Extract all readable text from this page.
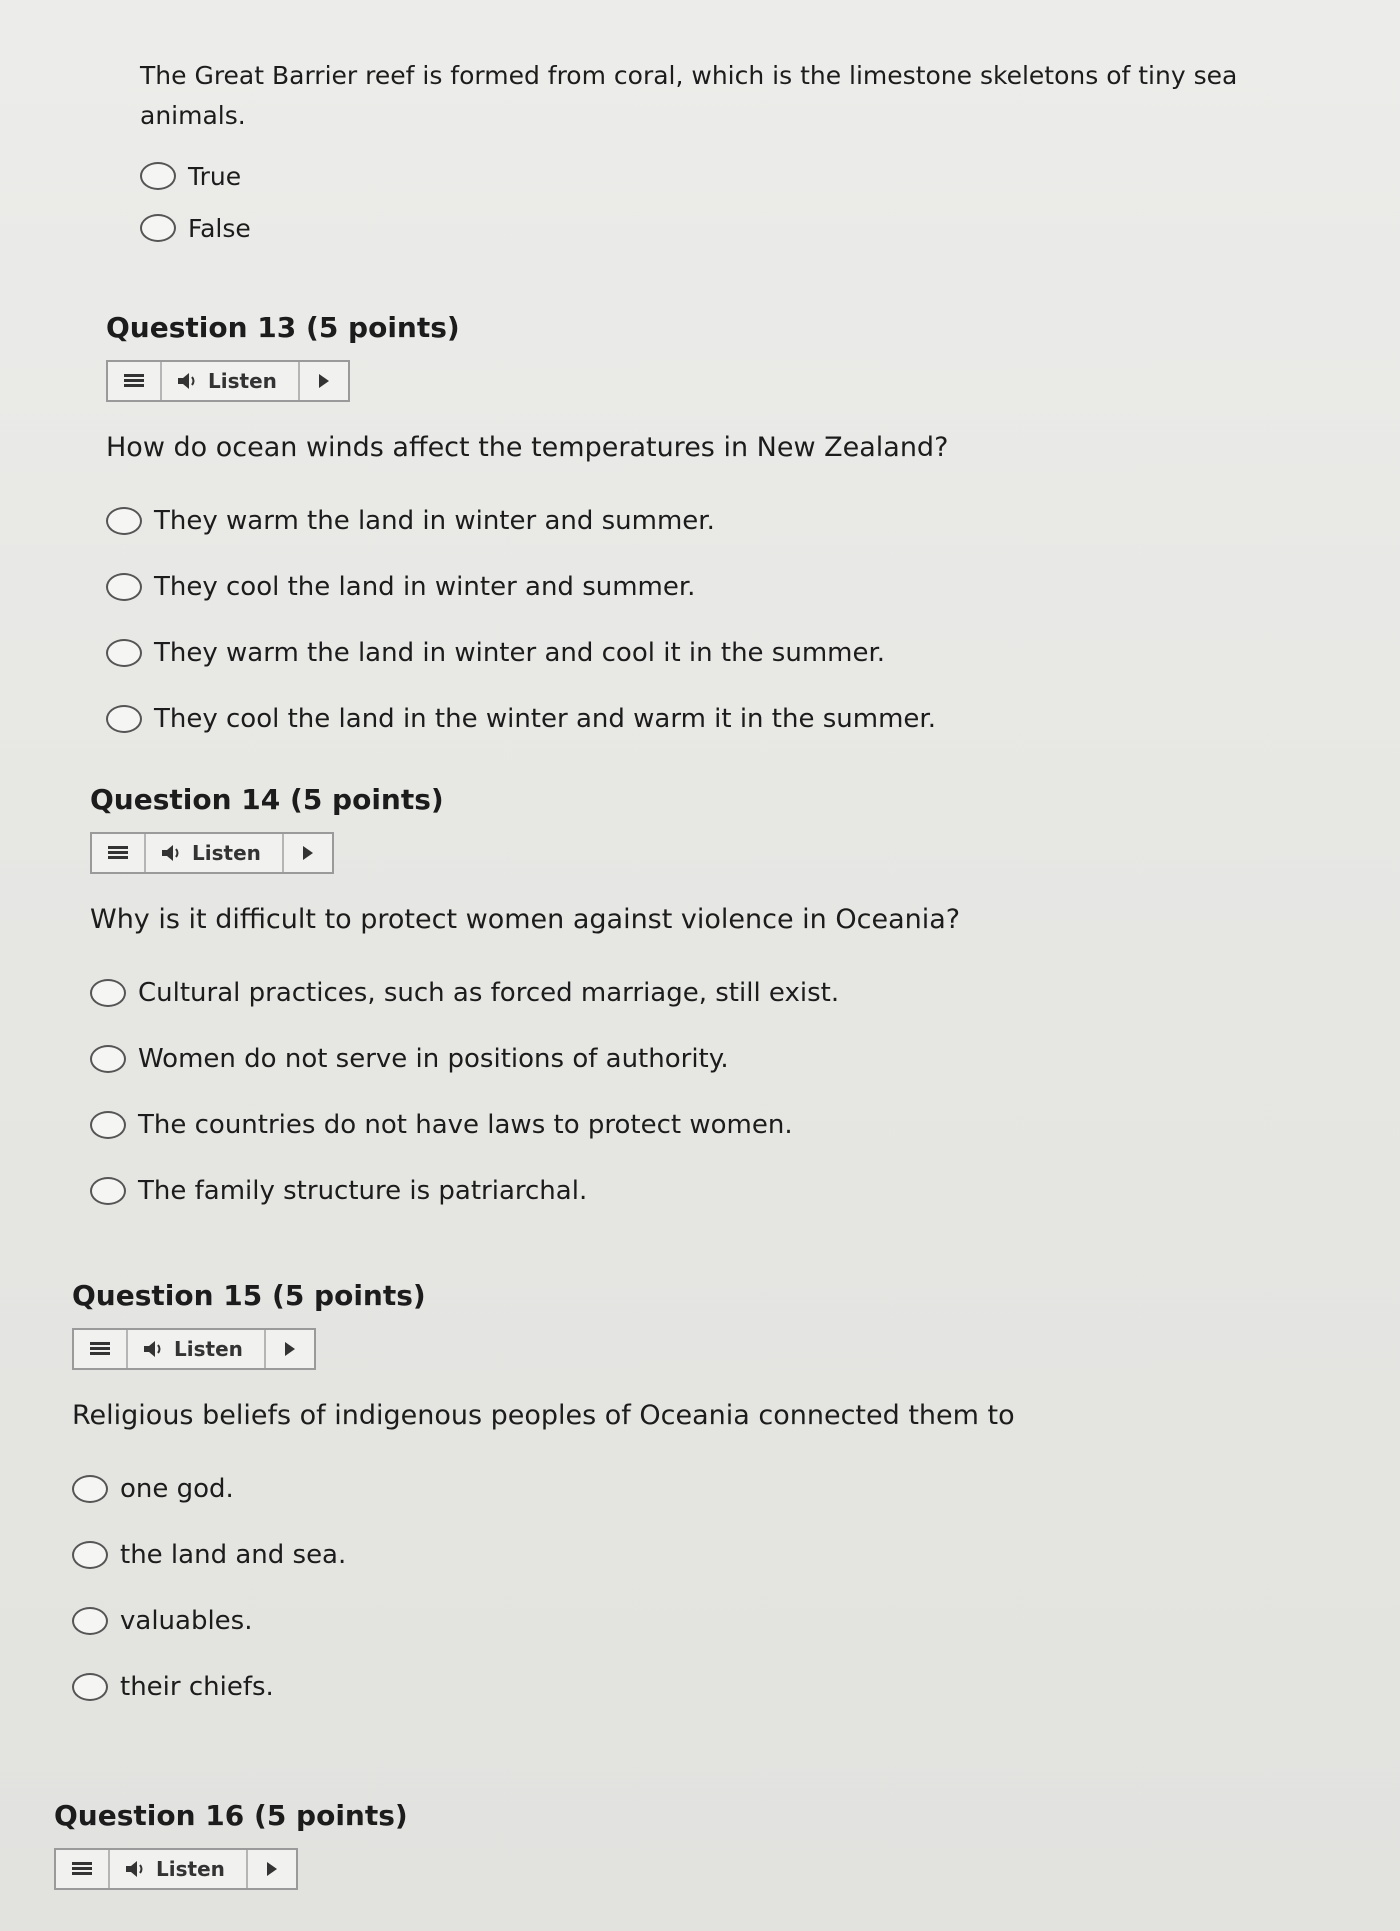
The Great Barrier reef is formed from coral, which is the limestone skeletons of tiny sea animals.

True
False

Question 13 (5 points)

Listen

How do ocean winds affect the temperatures in New Zealand?

They warm the land in winter and summer.
They cool the land in winter and summer.
They warm the land in winter and cool it in the summer.
They cool the land in the winter and warm it in the summer.

Question 14 (5 points)

Listen

Why is it difficult to protect women against violence in Oceania?

Cultural practices, such as forced marriage, still exist.
Women do not serve in positions of authority.
The countries do not have laws to protect women.
The family structure is patriarchal.

Question 15 (5 points)

Listen

Religious beliefs of indigenous peoples of Oceania connected them to

one god.
the land and sea.
valuables.
their chiefs.

Question 16 (5 points)

Listen
